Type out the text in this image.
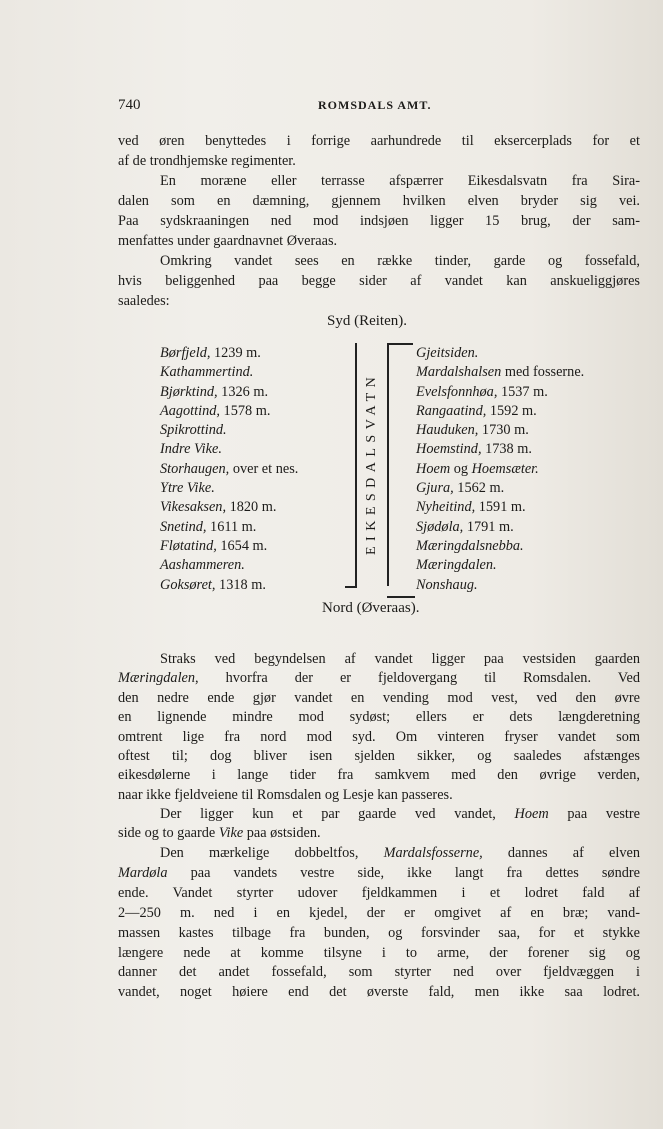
740	ROMSDALS AMT.
ved øren benyttedes i forrige aarhundrede til eksercerplads for et
af de trondhjemske regimenter.
En moræne eller terrasse afspærrer Eikesdalsvatn fra Sira-
dalen som en dæmning, gjennem hvilken elven bryder sig vei.
Paa sydskraaningen ned mod indsjøen ligger 15 brug, der sam-
menfattes under gaardnavnet Øveraas.
Omkring vandet sees en række tinder, garde og fossefald,
hvis beliggenhed paa begge sider af vandet kan anskueliggjøres
saaledes:
Syd (Reiten).
Børfjeld, 1239 m.
Kathammertind.
Bjørktind, 1326 m.
Aagottind, 1578 m.
Spikrottind.
Indre Vike.
Storhaugen, over et nes.
Ytre Vike.
Vikesaksen, 1820 m.
Snetind, 1611 m.
Fløtatind, 1654 m.
Aashammeren.
Goksøret, 1318 m.
EIKESDALSVATN
Gjeitsiden.
Mardalshalsen med fosserne.
Evelsfonnhøa, 1537 m.
Rangaatind, 1592 m.
Hauduken, 1730 m.
Hoemstind, 1738 m.
Hoem og Hoemsæter.
Gjura, 1562 m.
Nyheitind, 1591 m.
Sjødøla, 1791 m.
Mæringdalsnebba.
Mæringdalen.
Nonshaug.
Nord (Øveraas).
Straks ved begyndelsen af vandet ligger paa vestsiden gaarden
Mæringdalen, hvorfra der er fjeldovergang til Romsdalen. Ved
den nedre ende gjør vandet en vending mod vest, ved den øvre
en lignende mindre mod sydøst; ellers er dets længderetning
omtrent lige fra nord mod syd. Om vinteren fryser vandet som
oftest til; dog bliver isen sjelden sikker, og saaledes afstænges
eikesdølerne i lange tider fra samkvem med den øvrige verden,
naar ikke fjeldveiene til Romsdalen og Lesje kan passeres.
Der ligger kun et par gaarde ved vandet, Hoem paa vestre
side og to gaarde Vike paa østsiden.
Den mærkelige dobbeltfos, Mardalsfosserne, dannes af elven
Mardøla paa vandets vestre side, ikke langt fra dettes søndre
ende. Vandet styrter udover fjeldkammen i et lodret fald af
2—250 m. ned i en kjedel, der er omgivet af en bræ; vand-
massen kastes tilbage fra bunden, og forsvinder saa, for et stykke
længere nede at komme tilsyne i to arme, der forener sig og
danner det andet fossefald, som styrter ned over fjeldvæggen i
vandet, noget høiere end det øverste fald, men ikke saa lodret.
